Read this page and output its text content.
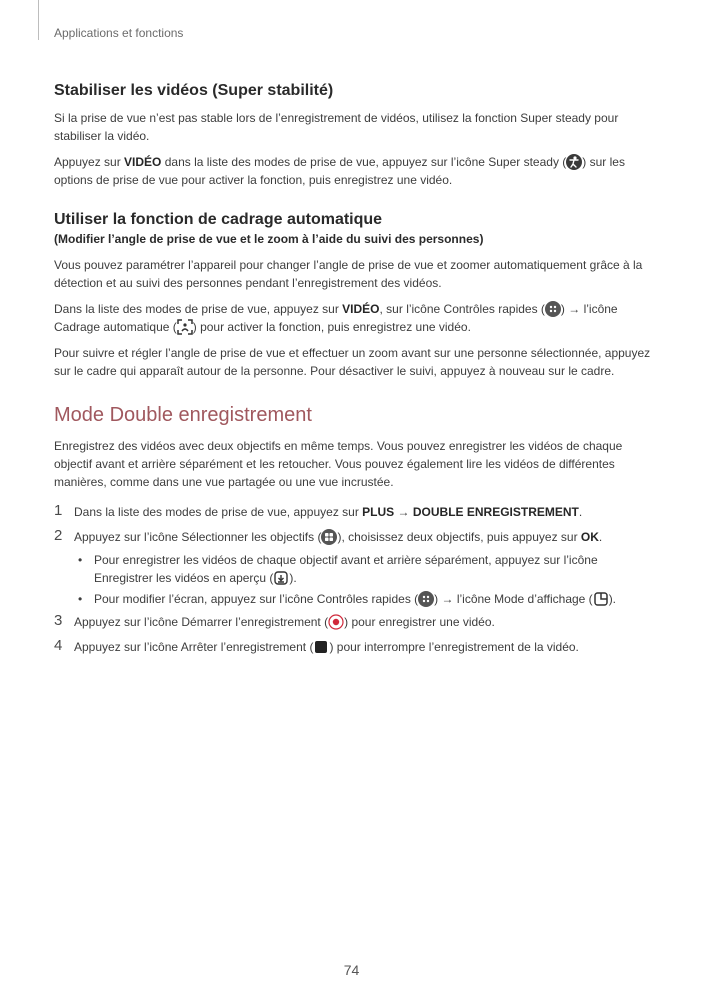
Applications et fonctions
Stabiliser les vidéos (Super stabilité)

Si la prise de vue n’est pas stable lors de l’enregistrement de vidéos, utilisez la fonction Super steady pour stabiliser la vidéo.

Appuyez sur VIDÉO dans la liste des modes de prise de vue, appuyez sur l’icône Super steady ( ) sur les options de prise de vue pour activer la fonction, puis enregistrez une vidéo.

Utiliser la fonction de cadrage automatique
(Modifier l’angle de prise de vue et le zoom à l’aide du suivi des personnes)

Vous pouvez paramétrer l’appareil pour changer l’angle de prise de vue et zoomer automatiquement grâce à la détection et au suivi des personnes pendant l’enregistrement des vidéos.

Dans la liste des modes de prise de vue, appuyez sur VIDÉO, sur l’icône Contrôles rapides ( ) → l’icône Cadrage automatique ( ) pour activer la fonction, puis enregistrez une vidéo.

Pour suivre et régler l’angle de prise de vue et effectuer un zoom avant sur une personne sélectionnée, appuyez sur le cadre qui apparaît autour de la personne. Pour désactiver le suivi, appuyez à nouveau sur le cadre.

Mode Double enregistrement

Enregistrez des vidéos avec deux objectifs en même temps. Vous pouvez enregistrer les vidéos de chaque objectif avant et arrière séparément et les retoucher. Vous pouvez également lire les vidéos de différentes manières, comme dans une vue partagée ou une vue incrustée.

1 Dans la liste des modes de prise de vue, appuyez sur PLUS → DOUBLE ENREGISTREMENT.
2 Appuyez sur l’icône Sélectionner les objectifs ( ), choisissez deux objectifs, puis appuyez sur OK.
• Pour enregistrer les vidéos de chaque objectif avant et arrière séparément, appuyez sur l’icône Enregistrer les vidéos en aperçu ( ).
• Pour modifier l’écran, appuyez sur l’icône Contrôles rapides ( ) → l’icône Mode d’affichage ( ).
3 Appuyez sur l’icône Démarrer l’enregistrement ( ) pour enregistrer une vidéo.
4 Appuyez sur l’icône Arrêter l’enregistrement ( ) pour interrompre l’enregistrement de la vidéo.
74
